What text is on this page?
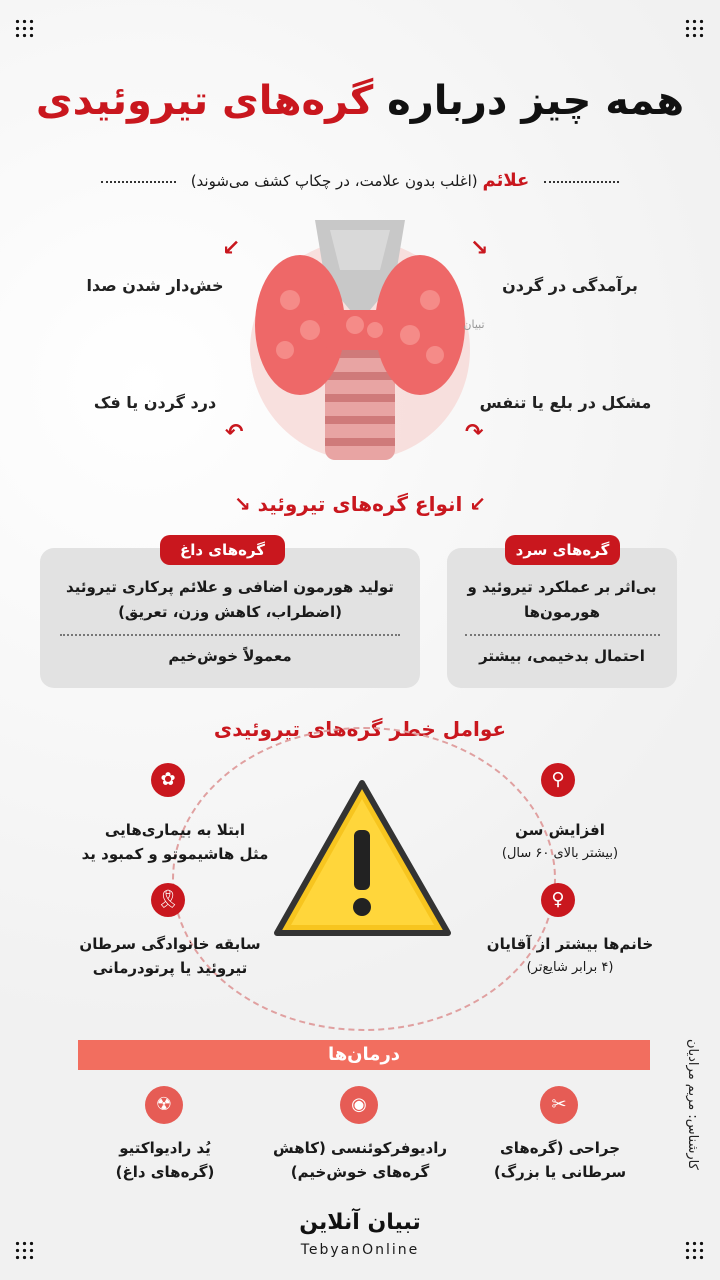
همه چیز درباره گره‌های تیروئیدی
علائم (اغلب بدون علامت، در چکاپ کشف می‌شوند)
تبیان
↙	↘
↶	↷
خش‌دار شدن صدا	برآمدگی در گردن
درد گردن یا فک	مشکل در بلع یا تنفس
↙ انواع گره‌های تیروئید ↘
گره‌های داغ
تولید هورمون اضافی و علائم پرکاری تیروئید
(اضطراب، کاهش وزن، تعریق)
معمولاً خوش‌خیم
گره‌های سرد
بی‌اثر بر عملکرد تیروئید و
هورمون‌ها
احتمال بدخیمی، بیشتر
عوامل خطر گره‌های تیروئیدی
⚲
افزایش سن
(بیشتر بالای ۶۰ سال)
✿
ابتلا به بیماری‌هایی
مثل هاشیموتو و کمبود ید
♀
خانم‌ها بیشتر از آقایان
(۴ برابر شایع‌تر)
🎗
سابقه خانوادگی سرطان
تیروئید یا پرتودرمانی
درمان‌ها
✂
جراحی (گره‌های
سرطانی یا بزرگ)
◉
رادیوفرکوئنسی (کاهش
گره‌های خوش‌خیم)
☢
یُد رادیواکتیو
(گره‌های داغ)
کارشناس: مریم مرادیان
تبیان آنلاین
TebyanOnline
